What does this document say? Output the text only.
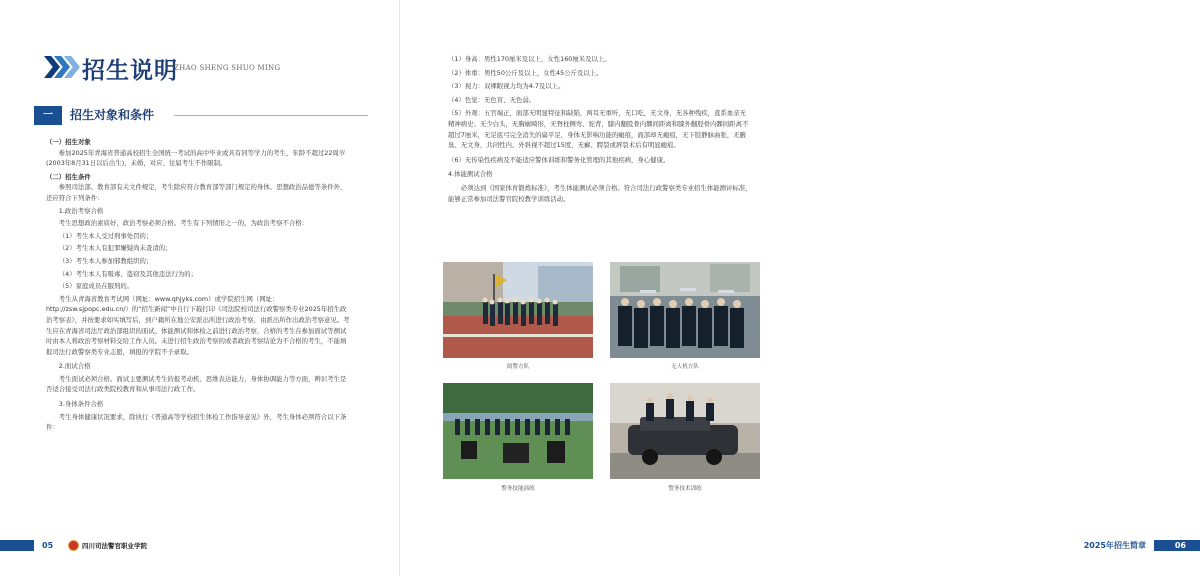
招生说明
ZHAO SHENG SHUO MING
一	招生对象和条件

（一）招生对象

参加2025年青海省普通高校招生全国统一考试的高中毕业或具有同等学力的考生，年龄不超过22周岁(2003年8月31日以后出生)，未婚，对应、往届考生不作限制。

（二）招生条件

参照司法部、教育部有关文件规定，考生除应符合教育部等部门规定的身体、思想政治品德等条件外，还应符合下列条件：

1.政治考察合格

考生思想政治素质好，政治考察必须合格。考生有下列情形之一的，为政治考察不合格：

（1）考生本人受过刑事处罚的；

（2）考生本人有犯罪嫌疑尚未查清的；

（3）考生本人参加邪教组织的；

（4）考生本人有吸毒、盗窃及其他违法行为的；

（5）家庭成员在服刑的。

考生从青海省教育考试网（网址：www.qhjyks.com）或学院招生网（网址：http://zsw.sjpopc.edu.cn/）的“招生新闻”中自行下载打印《司法院校司法行政警察类专业2025年招生政治考察表》，并按要求如实填写后，到户籍所在地公安派出所进行政治考察，由派出所作出政治考察意见。考生应在青海省司法厅政治部组织的面试、体能测试和体检之前进行政治考察，合格的考生在参加面试等测试时由本人将政治考察材料交给工作人员。未进行招生政治考察的或者政治考察结论为不合格的考生，不能填报司法行政警察类专业志愿，填报的学院不予录取。

2.面试合格

考生面试必须合格。面试主要测试考生的报考动机、思维表达能力、身体协调能力等方面，辨识考生是否适合接受司法行政类院校教育和从事司法行政工作。

3.身体条件合格

考生身体健康状况要求，除执行《普通高等学校招生体检工作指导意见》外，考生身体必须符合以下条件：

05	四川司法警官职业学院

（1）身高：男性170厘米及以上，女性160厘米及以上。

（2）体重：男性50公斤及以上，女性45公斤及以上。

（3）视力：双裸眼视力均为4.7及以上。

（4）色觉：无色盲、无色弱。

（5）外观：五官端正，面部无明显特征和缺陷，两耳无重听，无口吃，无文身，无各种残疾，直系血亲无精神病史；无少白头，无胸廓畸形，无脊柱侧弯、驼背，膝内翻股骨内髁间距离和膝外翻胫骨内髁间距离不超过7厘米，无足底弓完全消失的扁平足，身体无影响功能的瘢痕，面部却无瘢痕，无下肢静脉曲张，无腋臭、无文身，共同性内、外斜视不超过15度，无癣、腭裂或唇裂术后有明显瘢痕。

（6）无传染性疾病及不能适应警体训练和警务化管理的其他疾病，身心健康。

4.体能测试合格

必须达到《国家体育锻炼标准》，考生体能测试必须合格。符合司法行政警察类专业招生体能测评标准，能够正常参加司法警官院校教学训练活动。

阅警方队	无人机方队
警务技能演练	警务技术训练
2025年招生简章	06
